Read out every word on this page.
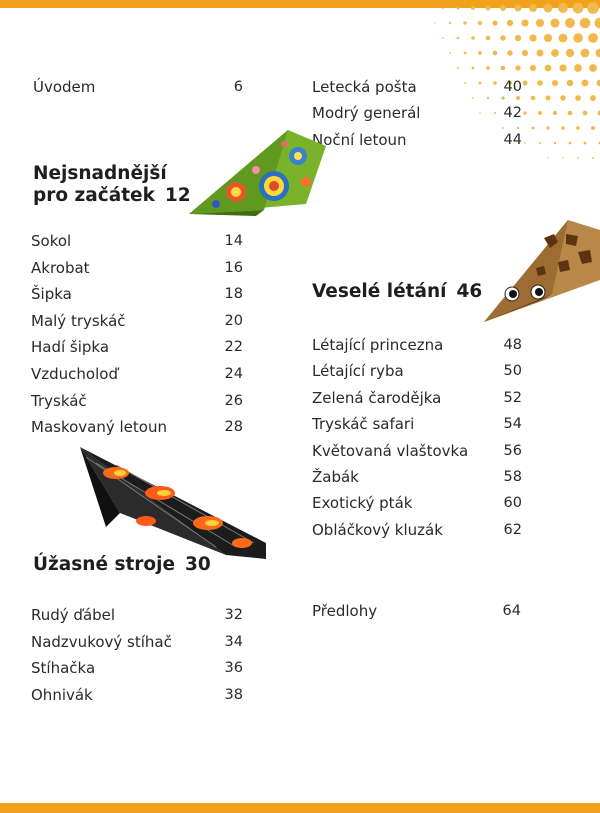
Úvodem	6
Nejsnadnější
pro začátek 12
Sokol	14
Akrobat	16
Šipka	18
Malý tryskáč	20
Hadí šipka	22
Vzducholoď	24
Tryskáč	26
Maskovaný letoun	28
Úžasné stroje 30
Rudý ďábel	32
Nadzvukový stíhač	34
Stíhačka	36
Ohnivák	38
Letecká pošta	40
Modrý generál	42
Noční letoun	44
Veselé létání 46
Létající princezna	48
Létající ryba	50
Zelená čarodějka	52
Tryskáč safari	54
Květovaná vlaštovka	56
Žabák	58
Exotický pták	60
Obláčkový kluzák	62
Předlohy	64
